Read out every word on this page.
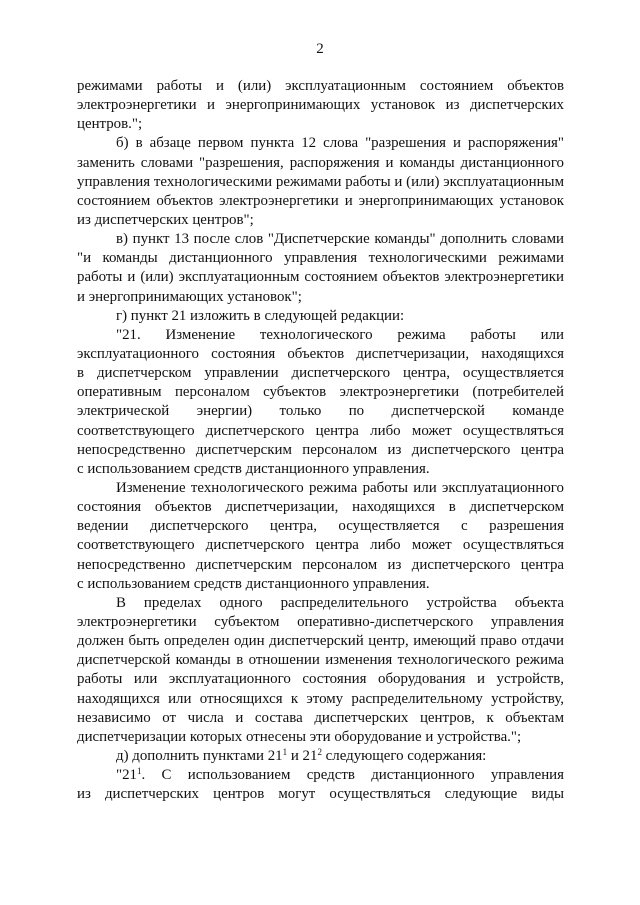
2
режимами работы и (или) эксплуатационным состоянием объектов
электроэнергетики и энергопринимающих установок из диспетчерских
центров.";
б) в абзаце первом пункта 12 слова "разрешения и распоряжения"
заменить словами "разрешения, распоряжения и команды дистанционного
управления технологическими режимами работы и (или) эксплуатационным
состоянием объектов электроэнергетики и энергопринимающих установок
из диспетчерских центров";
в) пункт 13 после слов "Диспетчерские команды" дополнить словами
"и команды дистанционного управления технологическими режимами
работы и (или) эксплуатационным состоянием объектов электроэнергетики
и энергопринимающих установок";
г) пункт 21 изложить в следующей редакции:
"21. Изменение технологического режима работы или
эксплуатационного состояния объектов диспетчеризации, находящихся
в диспетчерском управлении диспетчерского центра, осуществляется
оперативным персоналом субъектов электроэнергетики (потребителей
электрической энергии) только по диспетчерской команде
соответствующего диспетчерского центра либо может осуществляться
непосредственно диспетчерским персоналом из диспетчерского центра
с использованием средств дистанционного управления.
Изменение технологического режима работы или эксплуатационного
состояния объектов диспетчеризации, находящихся в диспетчерском
ведении диспетчерского центра, осуществляется с разрешения
соответствующего диспетчерского центра либо может осуществляться
непосредственно диспетчерским персоналом из диспетчерского центра
с использованием средств дистанционного управления.
В пределах одного распределительного устройства объекта
электроэнергетики субъектом оперативно-диспетчерского управления
должен быть определен один диспетчерский центр, имеющий право отдачи
диспетчерской команды в отношении изменения технологического режима
работы или эксплуатационного состояния оборудования и устройств,
находящихся или относящихся к этому распределительному устройству,
независимо от числа и состава диспетчерских центров, к объектам
диспетчеризации которых отнесены эти оборудование и устройства.";
д) дополнить пунктами $21^1$ и $21^2$ следующего содержания:
"$21^1$. С использованием средств дистанционного управления
из диспетчерских центров могут осуществляться следующие виды
